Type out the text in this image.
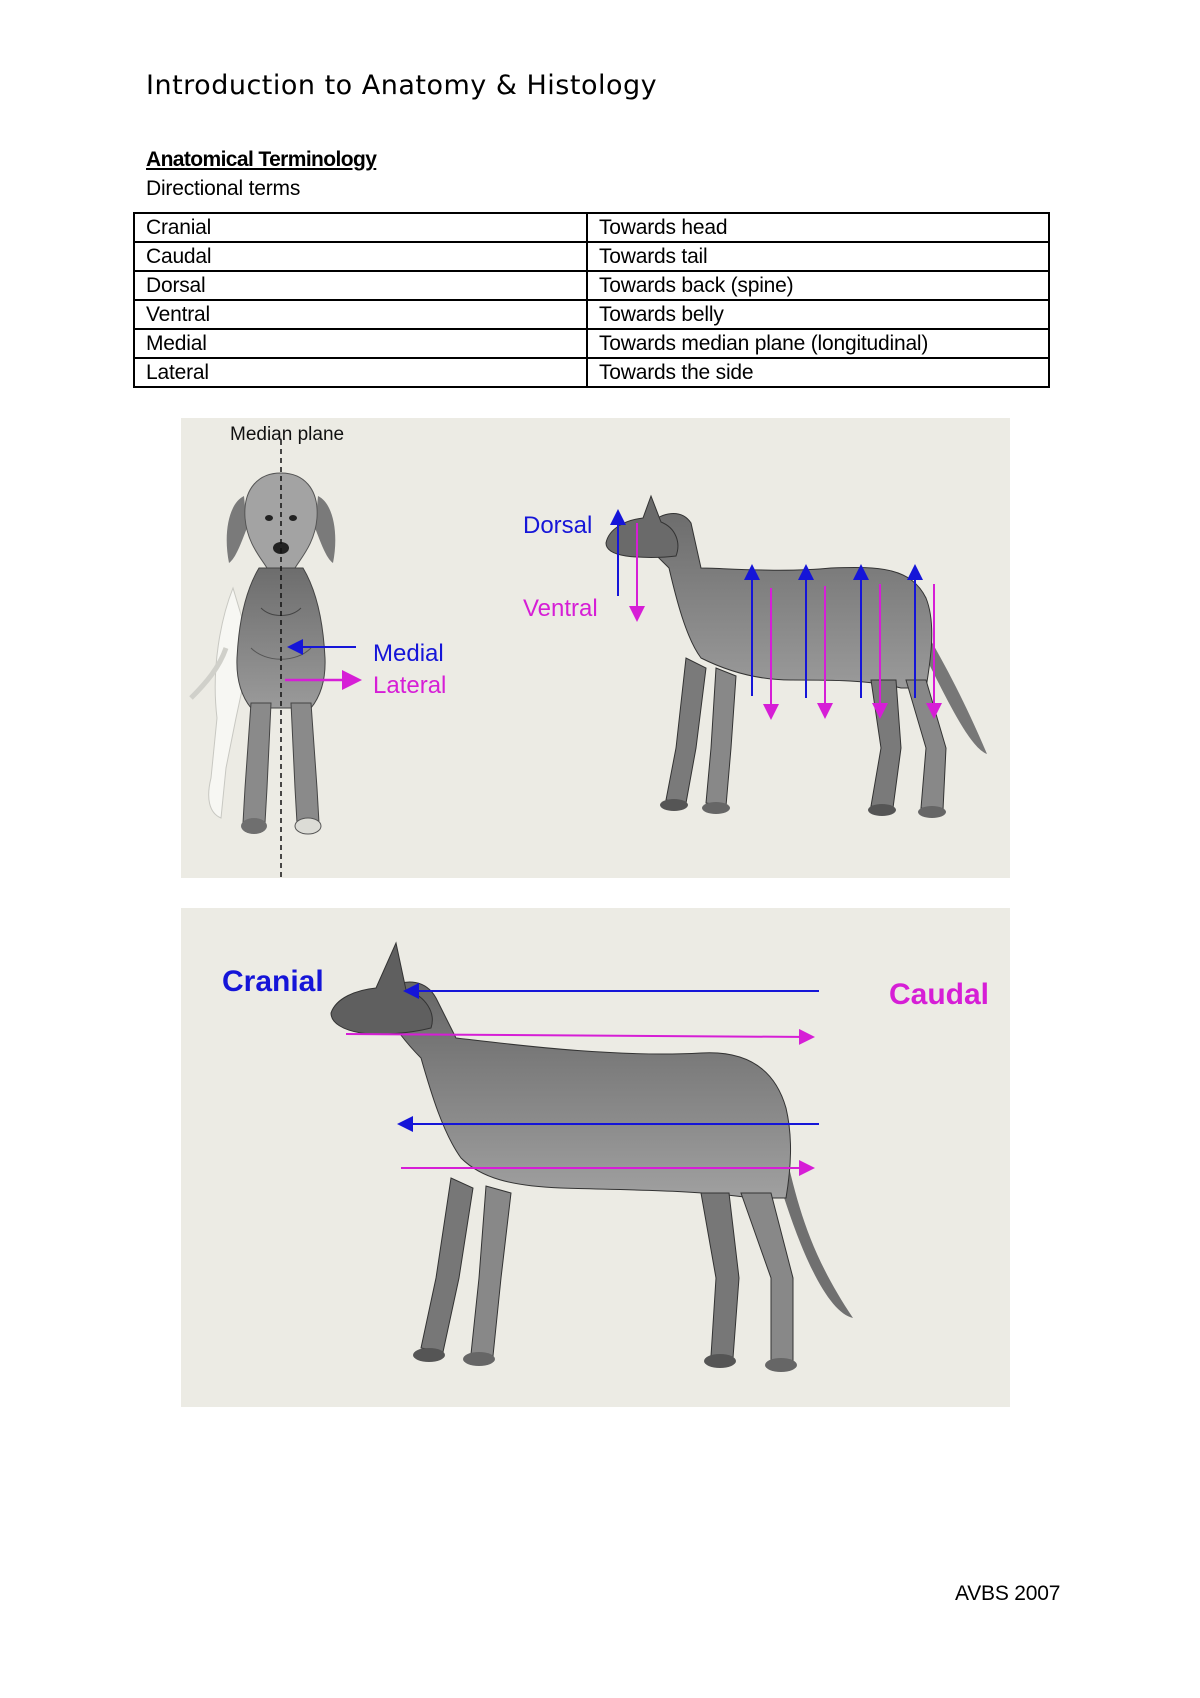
Introduction to Anatomy & Histology
Anatomical Terminology
Directional terms
Cranial	Towards head
Caudal	Towards tail
Dorsal	Towards back (spine)
Ventral	Towards belly
Medial	Towards median plane (longitudinal)
Lateral	Towards the side
Median plane
Medial
Lateral
Dorsal
Ventral
Cranial	Caudal
AVBS 2007
